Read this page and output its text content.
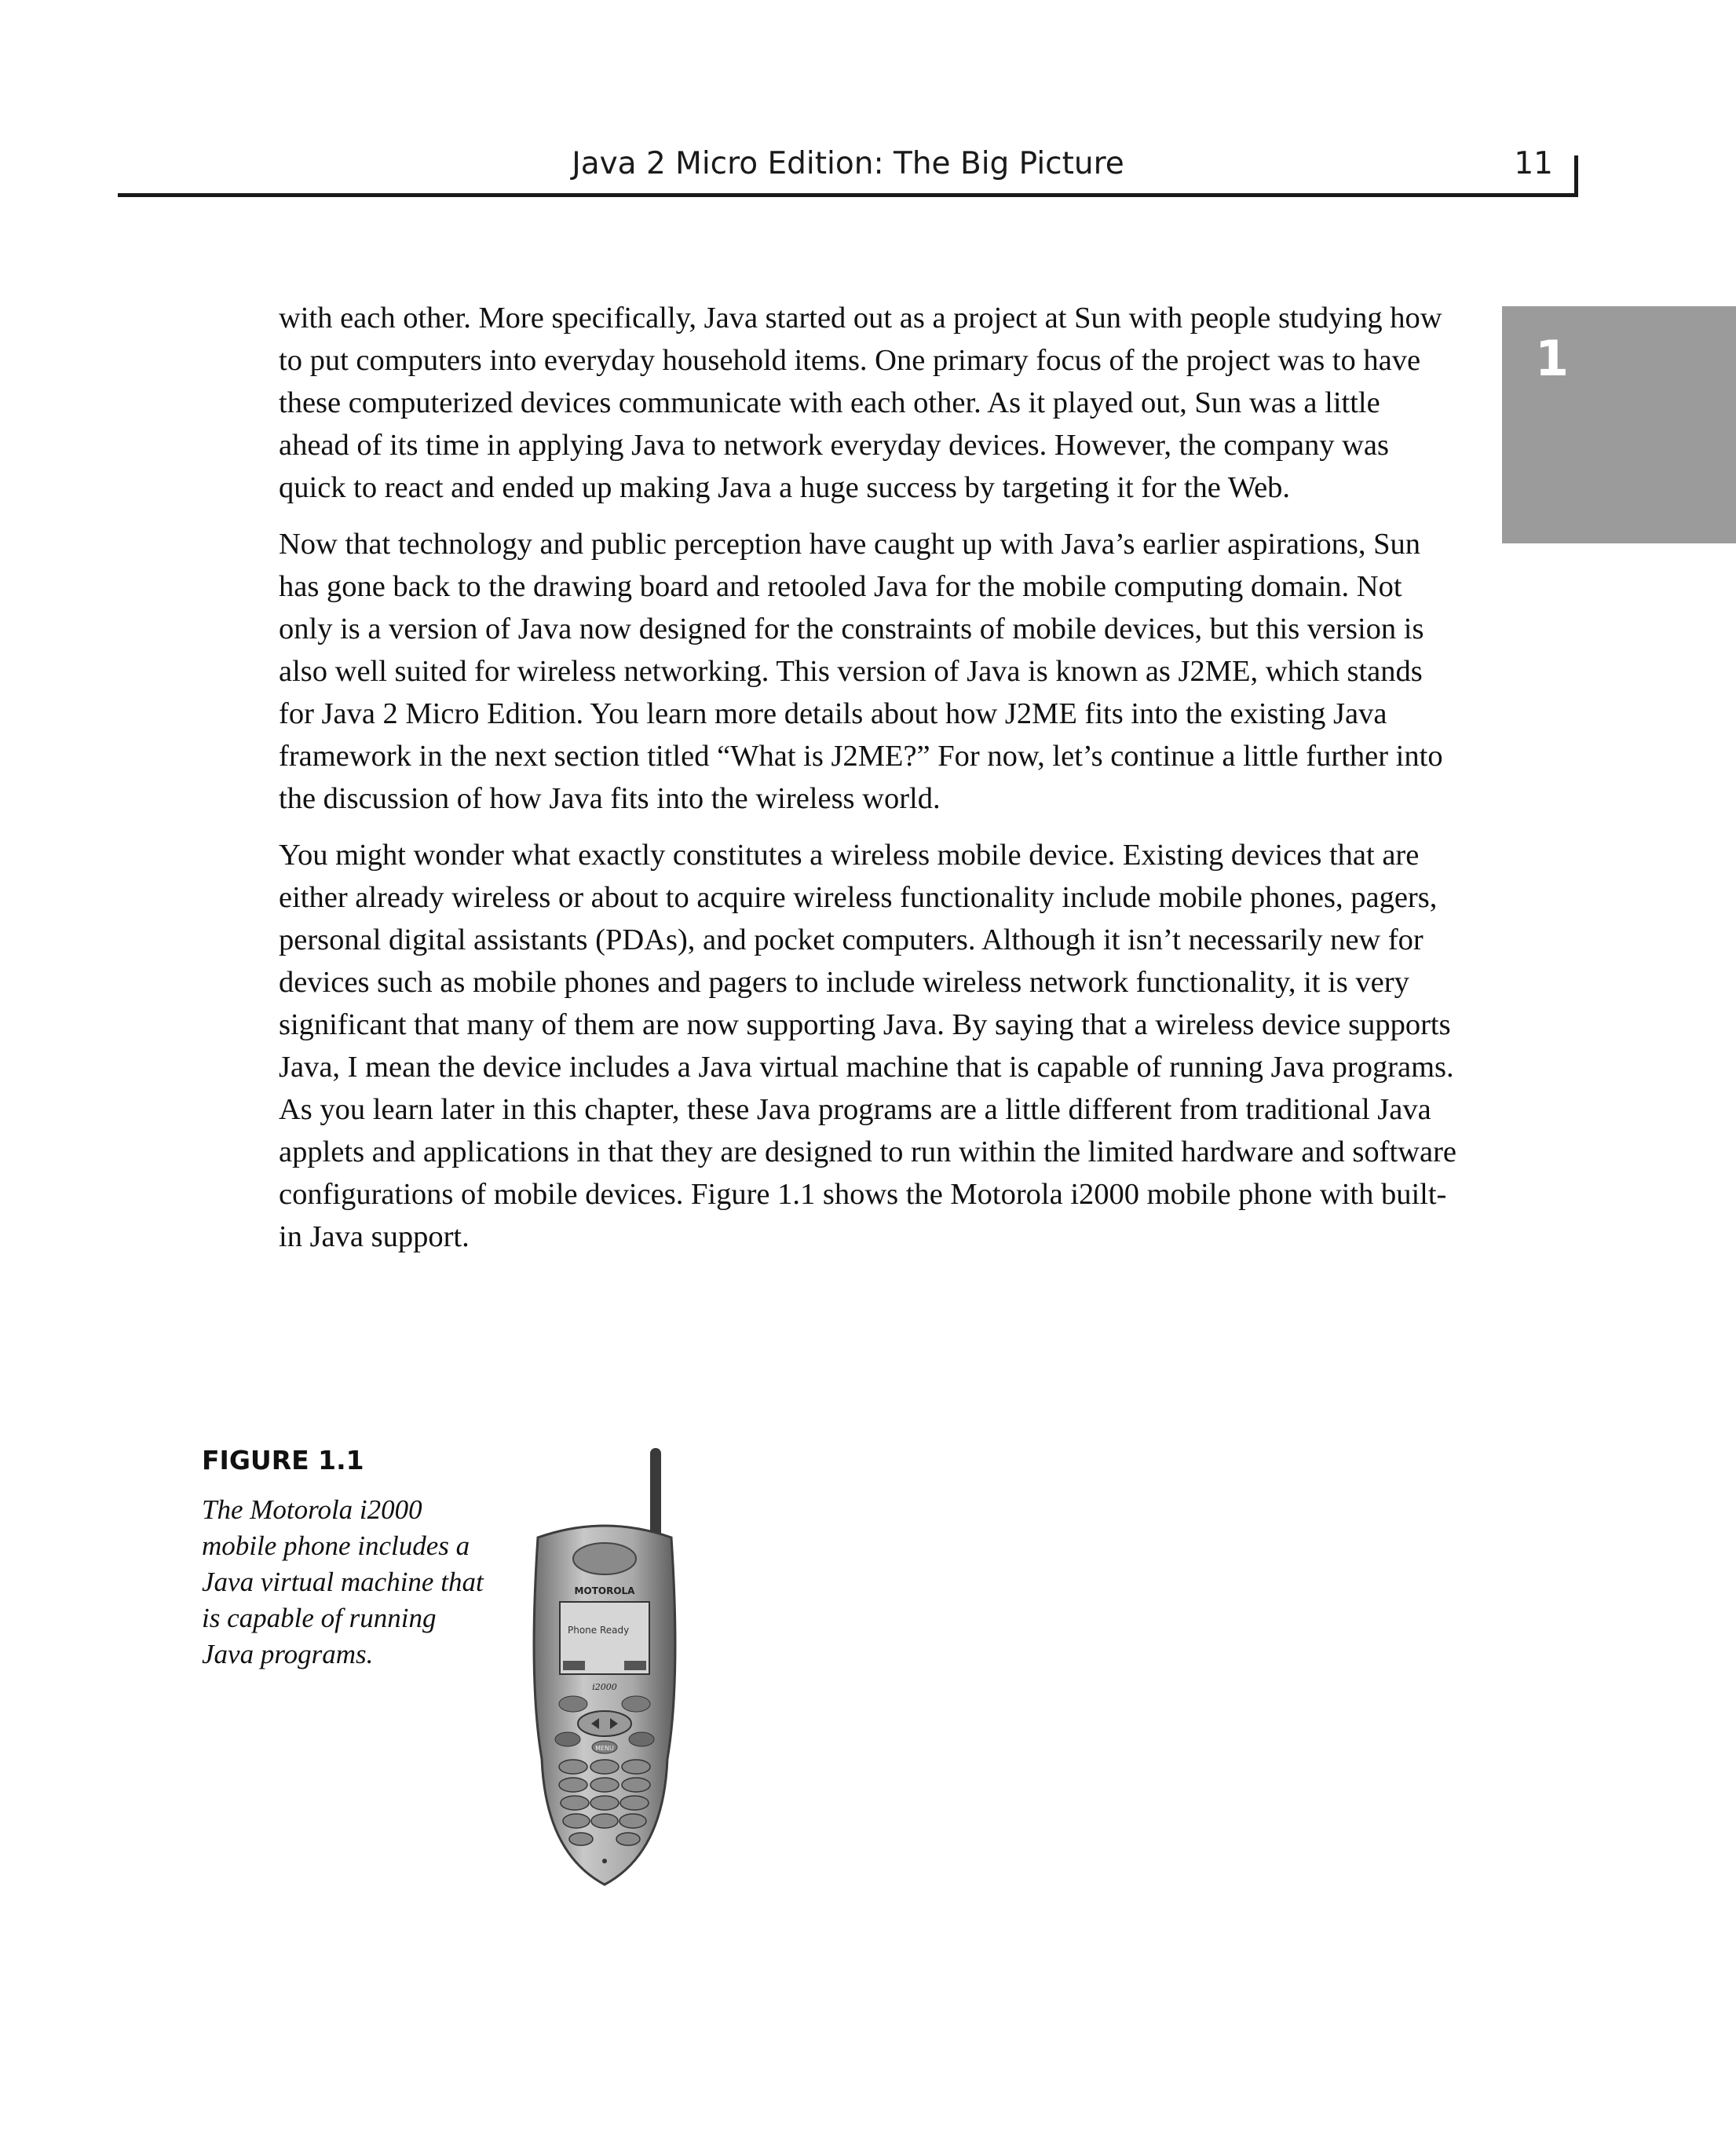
Java 2 Micro Edition: The Big Picture	11
1

with each other. More specifically, Java started out as a project at Sun with people studying how to put computers into everyday household items. One primary focus of the project was to have these computerized devices communicate with each other. As it played out, Sun was a little ahead of its time in applying Java to network everyday devices. However, the company was quick to react and ended up making Java a huge success by targeting it for the Web.

Now that technology and public perception have caught up with Java’s earlier aspirations, Sun has gone back to the drawing board and retooled Java for the mobile computing domain. Not only is a version of Java now designed for the constraints of mobile devices, but this version is also well suited for wireless networking. This version of Java is known as J2ME, which stands for Java 2 Micro Edition. You learn more details about how J2ME fits into the existing Java framework in the next section titled “What is J2ME?” For now, let’s continue a little further into the discussion of how Java fits into the wireless world.

You might wonder what exactly constitutes a wireless mobile device. Existing devices that are either already wireless or about to acquire wireless functionality include mobile phones, pagers, personal digital assistants (PDAs), and pocket computers. Although it isn’t necessarily new for devices such as mobile phones and pagers to include wireless network functionality, it is very significant that many of them are now supporting Java. By saying that a wireless device supports Java, I mean the device includes a Java virtual machine that is capable of running Java programs. As you learn later in this chapter, these Java programs are a little different from traditional Java applets and applications in that they are designed to run within the limited hardware and software configurations of mobile devices. Figure 1.1 shows the Motorola i2000 mobile phone with built-in Java support.

FIGURE 1.1
The Motorola i2000 mobile phone includes a Java virtual machine that is capable of running Java programs.
MOTOROLA
Phone Ready
i2000
MENU
